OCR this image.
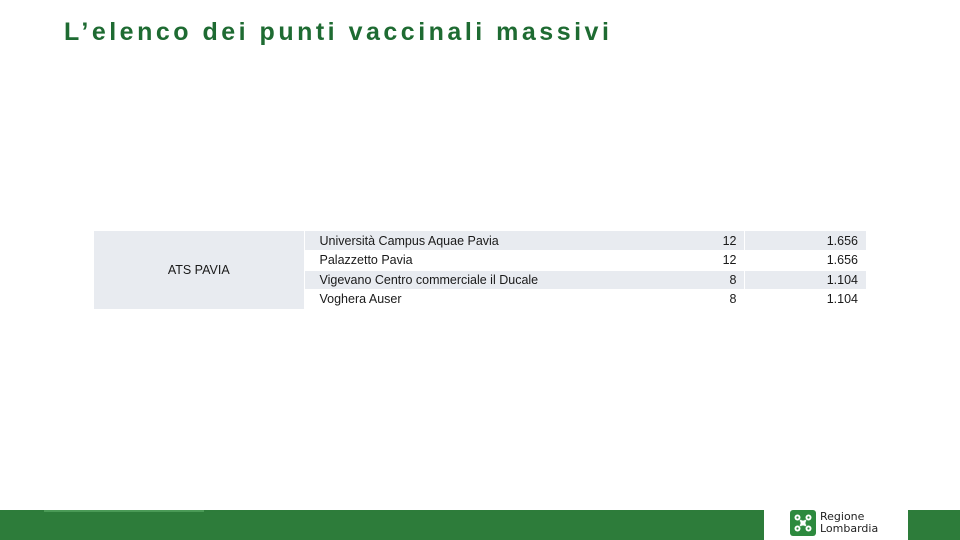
L’elenco dei punti vaccinali massivi
ATS PAVIA	Università Campus Aquae Pavia	12	1.656
	Palazzetto Pavia	12	1.656
	Vigevano Centro commerciale il Ducale	8	1.104
	Voghera Auser	8	1.104
Regione
Lombardia
